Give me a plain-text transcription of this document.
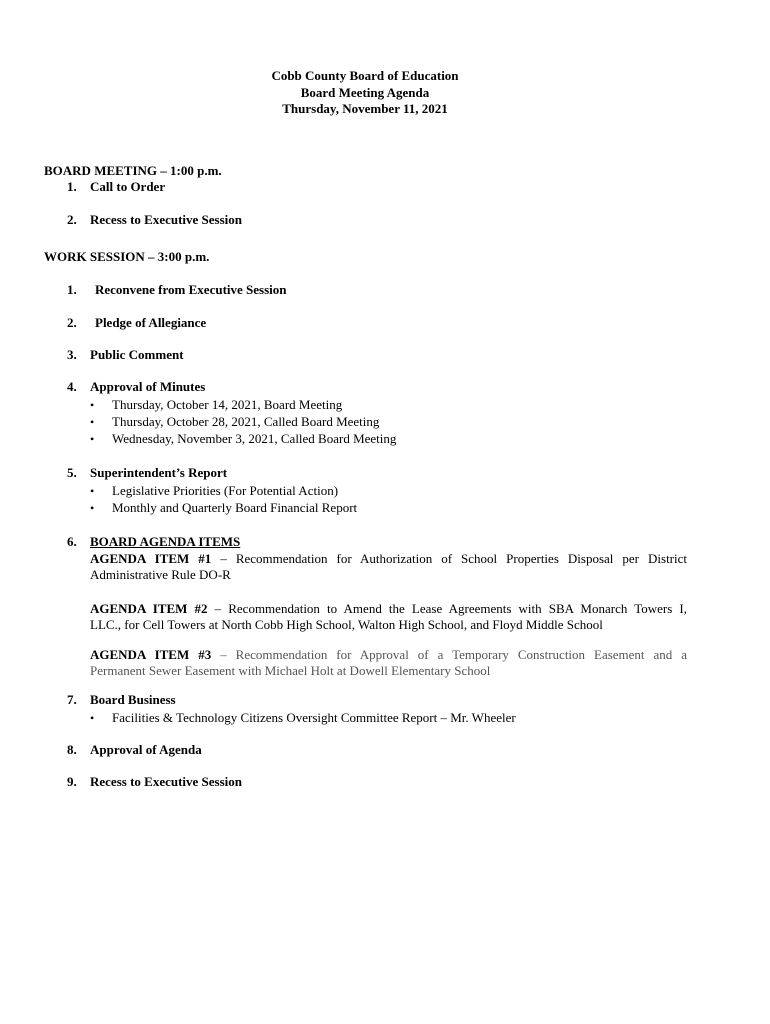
Cobb County Board of Education
Board Meeting Agenda
Thursday, November 11, 2021
BOARD MEETING – 1:00 p.m.
1. Call to Order
2. Recess to Executive Session
WORK SESSION – 3:00 p.m.
1. Reconvene from Executive Session
2. Pledge of Allegiance
3. Public Comment
4. Approval of Minutes
• Thursday, October 14, 2021, Board Meeting
• Thursday, October 28, 2021, Called Board Meeting
• Wednesday, November 3, 2021, Called Board Meeting
5. Superintendent’s Report
• Legislative Priorities (For Potential Action)
• Monthly and Quarterly Board Financial Report
6. BOARD AGENDA ITEMS
AGENDA ITEM #1 – Recommendation for Authorization of School Properties Disposal per District
Administrative Rule DO-R
AGENDA ITEM #2 – Recommendation to Amend the Lease Agreements with SBA Monarch Towers I,
LLC., for Cell Towers at North Cobb High School, Walton High School, and Floyd Middle School
AGENDA ITEM #3 – Recommendation for Approval of a Temporary Construction Easement and a
Permanent Sewer Easement with Michael Holt at Dowell Elementary School
7. Board Business
• Facilities & Technology Citizens Oversight Committee Report – Mr. Wheeler
8. Approval of Agenda
9. Recess to Executive Session
